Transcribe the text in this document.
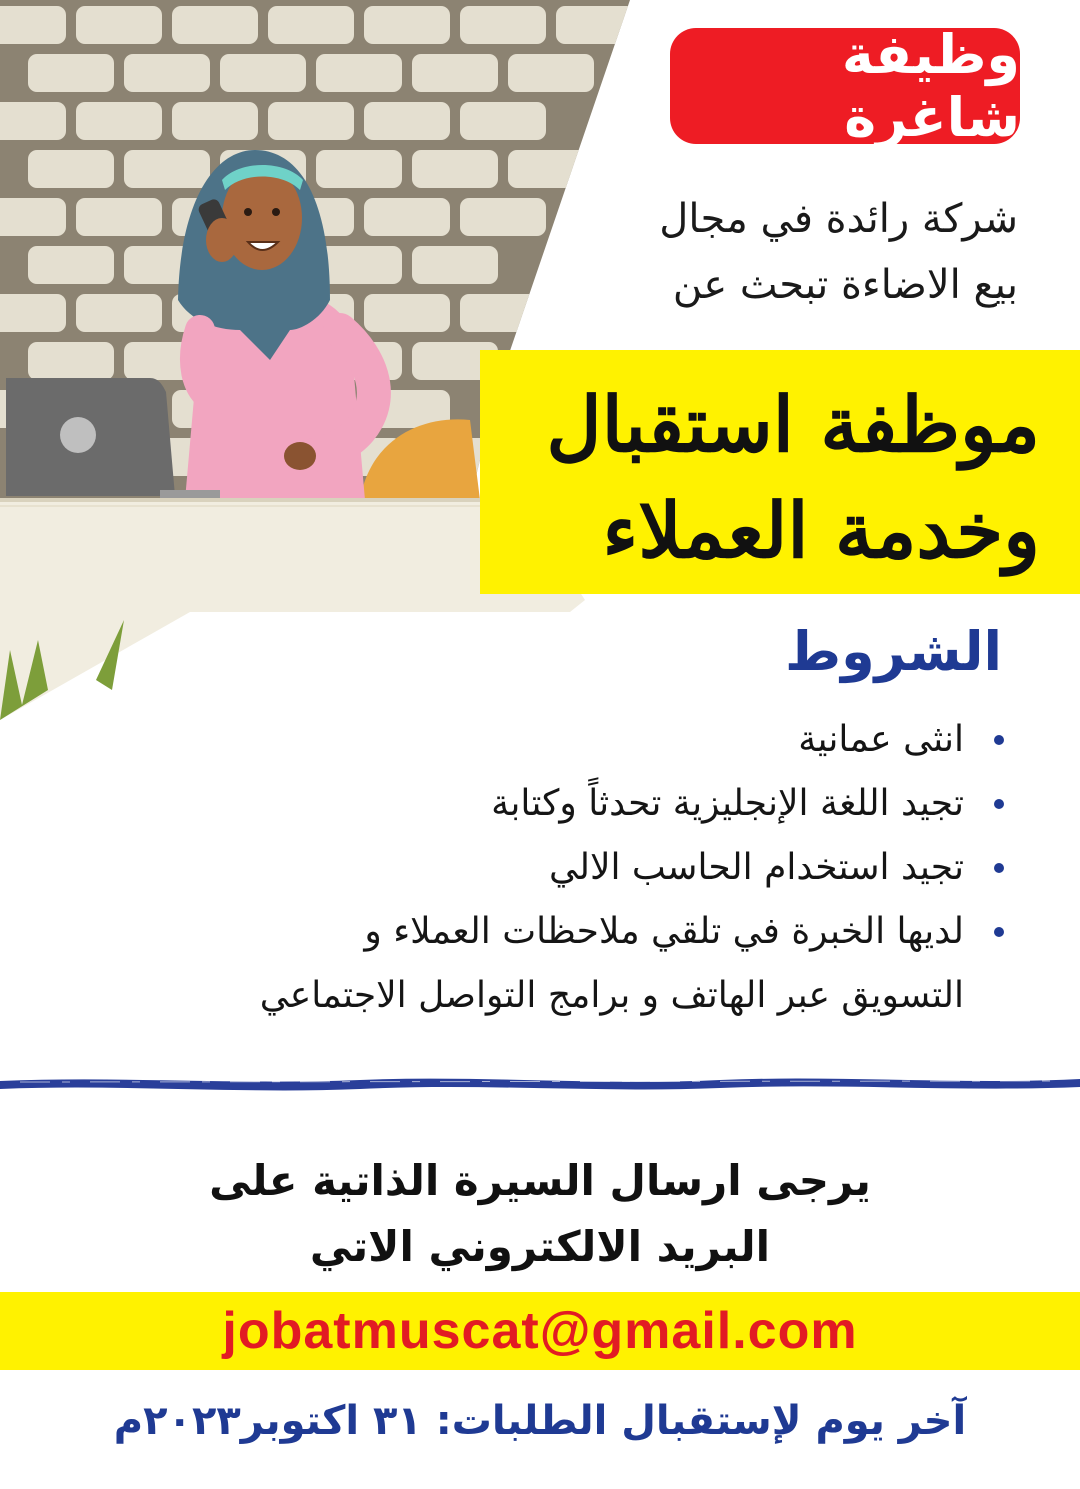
وظيفة شاغرة
شركة رائدة في مجال
بيع الاضاءة تبحث عن
موظفة استقبال
وخدمة العملاء
الشروط
انثى عمانية
تجيد اللغة الإنجليزية تحدثاً وكتابة
تجيد استخدام الحاسب الالي
لديها الخبرة في تلقي ملاحظات العملاء و
التسويق عبر الهاتف و برامج التواصل الاجتماعي
يرجى ارسال السيرة الذاتية على
البريد الالكتروني الاتي
jobatmuscat@gmail.com
آخر يوم لإستقبال الطلبات: ٣١ اكتوبر٢٠٢٣م
